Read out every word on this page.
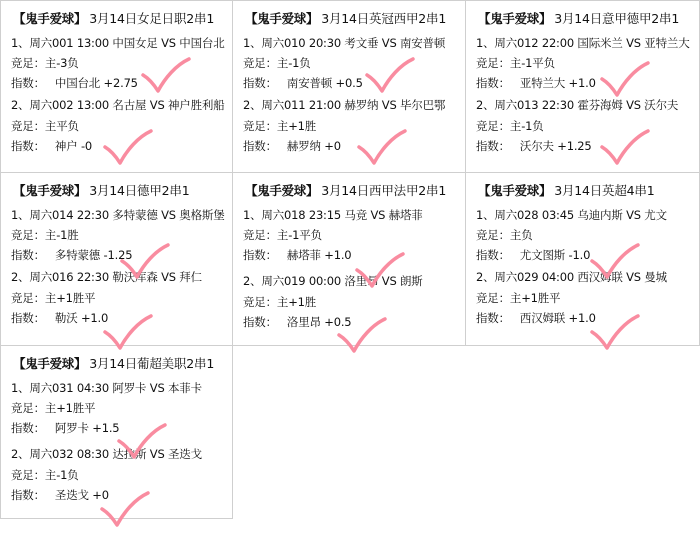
【鬼手爱球】 3月14日女足日职2串1
1、周六001 13:00 中国女足 VS 中国台北
竞足：主-3负
指数： 中国台北 +2.75
2、周六002 13:00 名古屋 VS 神户胜利船
竞足：主平负
指数： 神户 -0
【鬼手爱球】 3月14日英冠西甲2串1
1、周六010 20:30 考文垂 VS 南安普顿
竞足：主-1负
指数： 南安普顿 +0.5
2、周六011 21:00 赫罗纳 VS 毕尔巴鄂
竞足：主+1胜
指数： 赫罗纳 +0
【鬼手爱球】 3月14日意甲德甲2串1
1、周六012 22:00 国际米兰 VS 亚特兰大
竞足：主-1平负
指数： 亚特兰大 +1.0
2、周六013 22:30 霍芬海姆 VS 沃尔夫
竞足：主-1负
指数： 沃尔夫 +1.25
【鬼手爱球】 3月14日德甲2串1
1、周六014 22:30 多特蒙德 VS 奥格斯堡
竞足：主-1胜
指数： 多特蒙德 -1.25
2、周六016 22:30 勒沃库森 VS 拜仁
竞足：主+1胜平
指数： 勒沃 +1.0
【鬼手爱球】 3月14日西甲法甲2串1
1、周六018 23:15 马竞 VS 赫塔菲
竞足：主-1平负
指数： 赫塔菲 +1.0
2、周六019 00:00 洛里昂 VS 朗斯
竞足：主+1胜
指数： 洛里昂 +0.5
【鬼手爱球】 3月14日英超4串1
1、周六028 03:45 乌迪内斯 VS 尤文
竞足：主负
指数： 尤文图斯 -1.0
2、周六029 04:00 西汉姆联 VS 曼城
竞足：主+1胜平
指数： 西汉姆联 +1.0
【鬼手爱球】 3月14日葡超美职2串1
1、周六031 04:30 阿罗卡 VS 本菲卡
竞足：主+1胜平
指数： 阿罗卡 +1.5
2、周六032 08:30 达拉斯 VS 圣迭戈
竞足：主-1负
指数： 圣迭戈 +0
